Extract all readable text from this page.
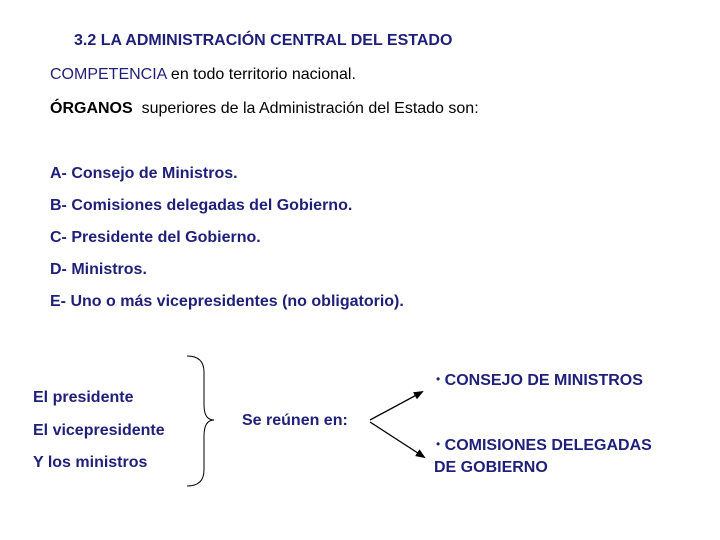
3.2 LA ADMINISTRACIÓN CENTRAL DEL ESTADO
COMPETENCIA en todo territorio nacional.
ÓRGANOS  superiores de la Administración del Estado son:
A- Consejo de Ministros.
B- Comisiones delegadas del Gobierno.
C- Presidente del Gobierno.
D- Ministros.
E- Uno o más vicepresidentes (no obligatorio).
El presidente
El vicepresidente
Y los ministros
Se reúnen en:
• CONSEJO DE MINISTROS
• COMISIONES DELEGADAS
DE GOBIERNO
